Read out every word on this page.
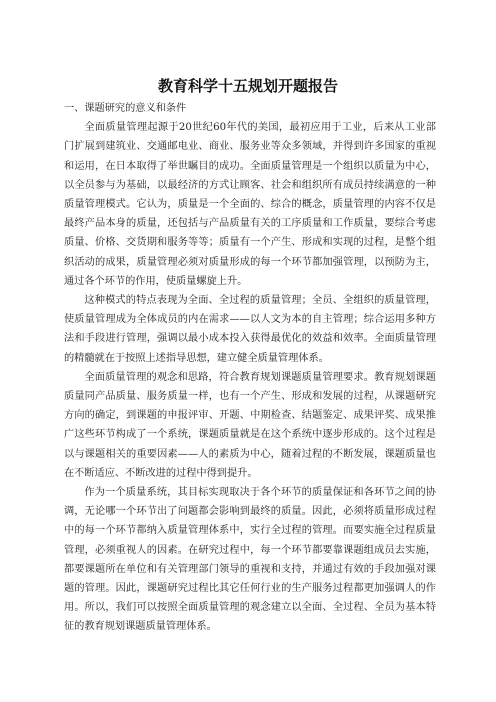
教育科学十五规划开题报告

一、课题研究的意义和条件

全面质量管理起源于20世纪60年代的美国，最初应用于工业，后来从工业部门扩展到建筑业、交通邮电业、商业、服务业等众多领域，并得到许多国家的重视和运用，在日本取得了举世瞩目的成功。全面质量管理是一个组织以质量为中心，以全员参与为基础，以最经济的方式让顾客、社会和组织所有成员持续满意的一种质量管理模式。它认为，质量是一个全面的、综合的概念，质量管理的内容不仅是最终产品本身的质量，还包括与产品质量有关的工序质量和工作质量，要综合考虑质量、价格、交货期和服务等等；质量有一个产生、形成和实现的过程，是整个组织活动的成果，质量管理必须对质量形成的每一个环节都加强管理，以预防为主，通过各个环节的作用，使质量螺旋上升。

这种模式的特点表现为全面、全过程的质量管理；全员、全组织的质量管理，使质量管理成为全体成员的内在需求——以人文为本的自主管理；综合运用多种方法和手段进行管理，强调以最小成本投入获得最优化的效益和效率。全面质量管理的精髓就在于按照上述指导思想，建立健全质量管理体系。

全面质量管理的观念和思路，符合教育规划课题质量管理要求。教育规划课题质量同产品质量、服务质量一样，也有一个产生、形成和发展的过程，从课题研究方向的确定，到课题的申报评审、开题、中期检查、结题鉴定、成果评奖、成果推广这些环节构成了一个系统，课题质量就是在这个系统中逐步形成的。这个过程是以与课题相关的重要因素——人的素质为中心，随着过程的不断发展，课题质量也在不断适应、不断改进的过程中得到提升。

作为一个质量系统，其目标实现取决于各个环节的质量保证和各环节之间的协调，无论哪一个环节出了问题都会影响到最终的质量。因此，必须将质量形成过程中的每一个环节都纳入质量管理体系中，实行全过程的管理。而要实施全过程质量管理，必须重视人的因素。在研究过程中，每一个环节都要靠课题组成员去实施，都要课题所在单位和有关管理部门领导的重视和支持，并通过有效的手段加强对课题的管理。因此，课题研究过程比其它任何行业的生产服务过程都更加强调人的作用。所以，我们可以按照全面质量管理的观念建立以全面、全过程、全员为基本特征的教育规划课题质量管理体系。
